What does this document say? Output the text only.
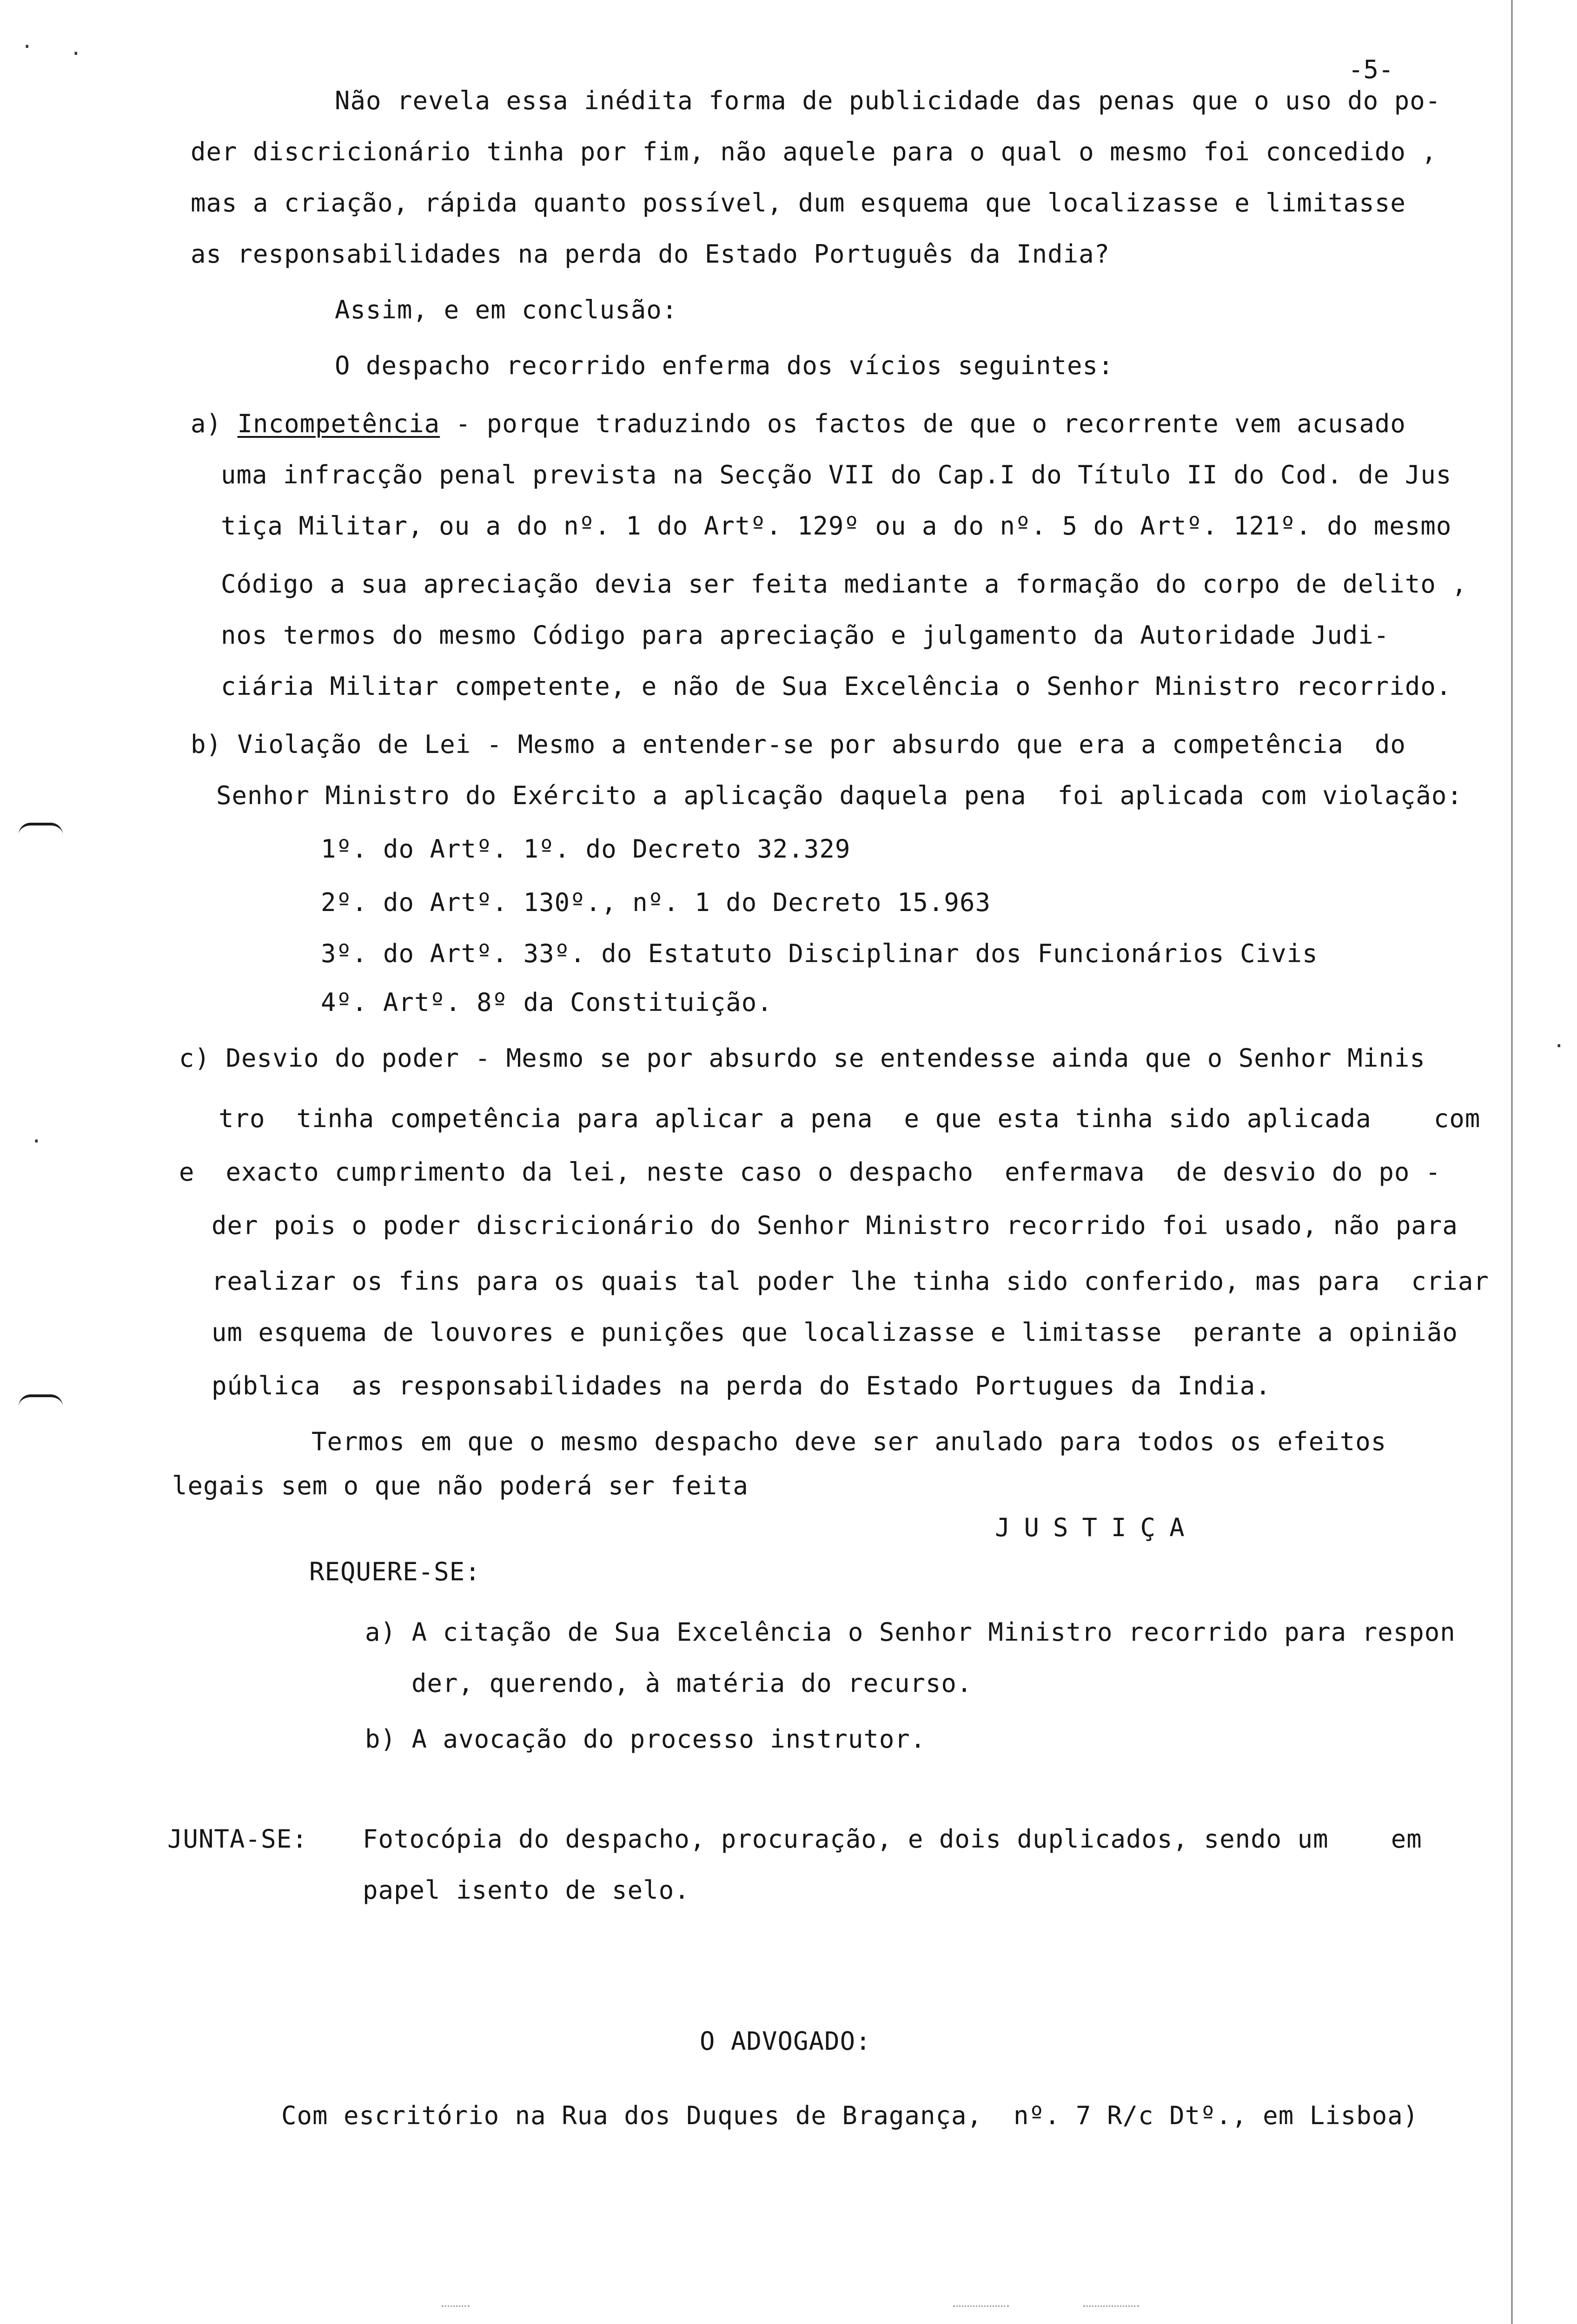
-5-
Não revela essa inédita forma de publicidade das penas que o uso do po-
der discricionário tinha por fim, não aquele para o qual o mesmo foi concedido ,
mas a criação, rápida quanto possível, dum esquema que localizasse e limitasse
as responsabilidades na perda do Estado Português da India?
Assim, e em conclusão:
O despacho recorrido enferma dos vícios seguintes:
a) Incompetência - porque traduzindo os factos de que o recorrente vem acusado
uma infracção penal prevista na Secção VII do Cap.I do Título II do Cod. de Jus
tiça Militar, ou a do nº. 1 do Artº. 129º ou a do nº. 5 do Artº. 121º. do mesmo
Código a sua apreciação devia ser feita mediante a formação do corpo de delito ,
nos termos do mesmo Código para apreciação e julgamento da Autoridade Judi-
ciária Militar competente, e não de Sua Excelência o Senhor Ministro recorrido.
b) Violação de Lei - Mesmo a entender-se por absurdo que era a competência  do
Senhor Ministro do Exército a aplicação daquela pena  foi aplicada com violação:
1º. do Artº. 1º. do Decreto 32.329
2º. do Artº. 130º., nº. 1 do Decreto 15.963
3º. do Artº. 33º. do Estatuto Disciplinar dos Funcionários Civis
4º. Artº. 8º da Constituição.
c) Desvio do poder - Mesmo se por absurdo se entendesse ainda que o Senhor Minis
tro  tinha competência para aplicar a pena  e que esta tinha sido aplicada    com
e  exacto cumprimento da lei, neste caso o despacho  enfermava  de desvio do po -
der pois o poder discricionário do Senhor Ministro recorrido foi usado, não para
realizar os fins para os quais tal poder lhe tinha sido conferido, mas para  criar
um esquema de louvores e punições que localizasse e limitasse  perante a opinião
pública  as responsabilidades na perda do Estado Portugues da India.
Termos em que o mesmo despacho deve ser anulado para todos os efeitos
legais sem o que não poderá ser feita
JUSTIÇA
REQUERE-SE:
a) A citação de Sua Excelência o Senhor Ministro recorrido para respon
der, querendo, à matéria do recurso.
b) A avocação do processo instrutor.
JUNTA-SE: Fotocópia do despacho, procuração, e dois duplicados, sendo um    em
papel isento de selo.
O ADVOGADO:
Com escritório na Rua dos Duques de Bragança,  nº. 7 R/c Dtº., em Lisboa)
· ·
·
·
